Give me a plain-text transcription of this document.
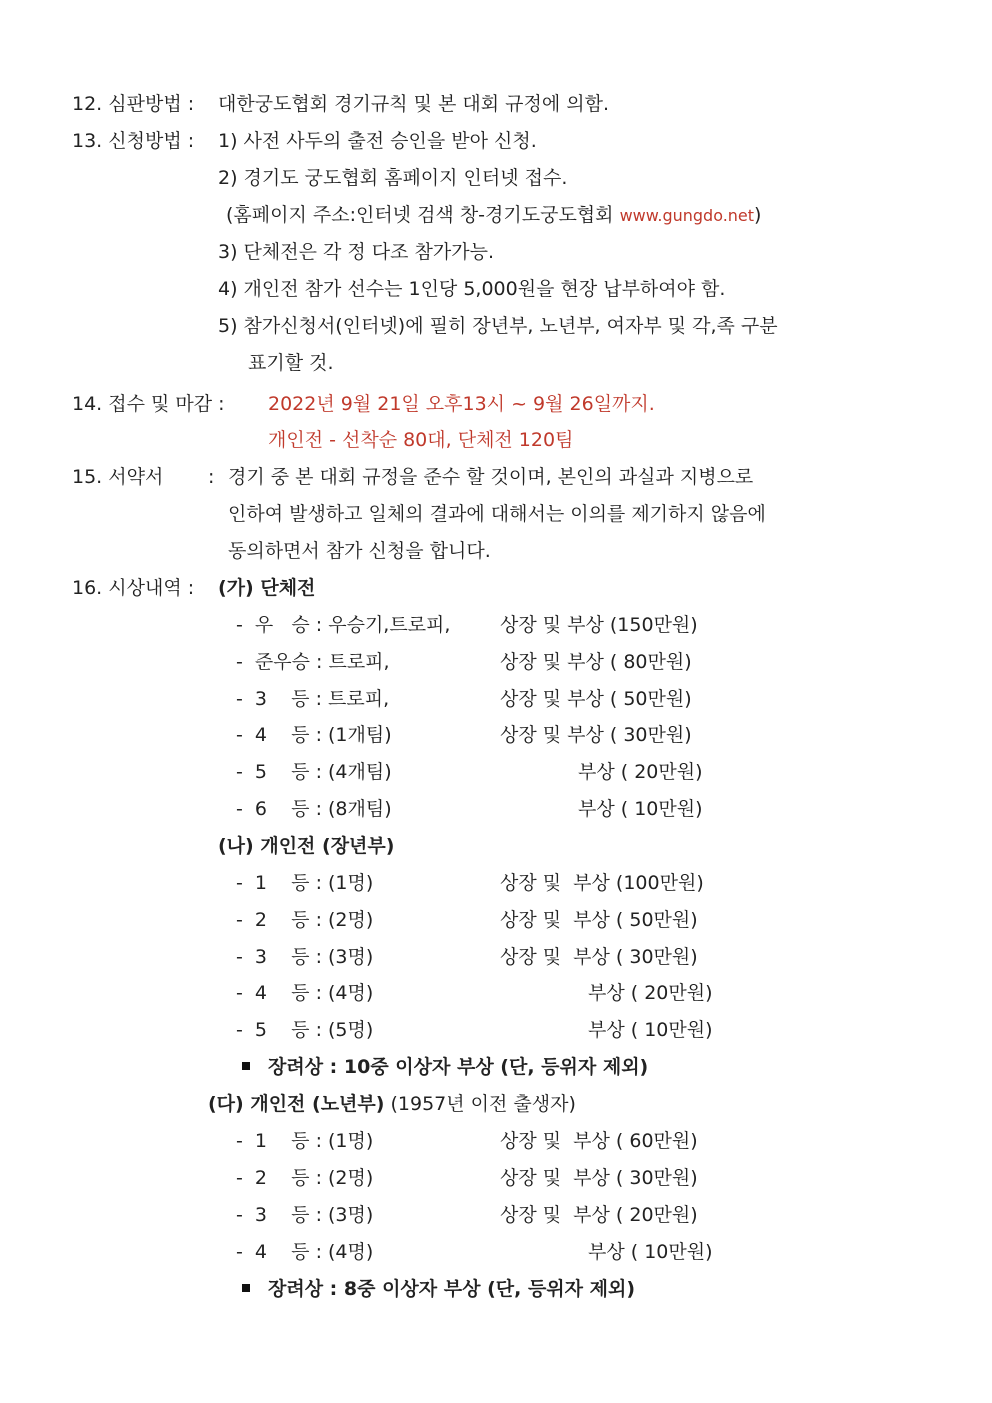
12. 심판방법 : 대한궁도협회 경기규칙 및 본 대회 규정에 의함.
13. 신청방법 : 1) 사전 사두의 출전 승인을 받아 신청.
2) 경기도 궁도협회 홈페이지 인터넷 접수.
(홈페이지 주소:인터넷 검색 창-경기도궁도협회 www.gungdo.net)
3) 단체전은 각 정 다조 참가가능.
4) 개인전 참가 선수는 1인당 5,000원을 현장 납부하여야 함.
5) 참가신청서(인터넷)에 필히 장년부, 노년부, 여자부 및 각,족 구분
표기할 것.
14. 접수 및 마감 : 2022년 9월 21일 오후13시 ~ 9월 26일까지.
개인전 - 선착순 80대, 단체전 120팀
15. 서약서 : 경기 중 본 대회 규정을 준수 할 것이며, 본인의 과실과 지병으로
인하여 발생하고 일체의 결과에 대해서는 이의를 제기하지 않음에
동의하면서 참가 신청을 합니다.
16. 시상내역 : (가) 단체전
-  우   승 : 우승기,트로피,	상장 및 부상 (150만원)
-  준우승 : 트로피,	상장 및 부상 ( 80만원)
-  3    등 : 트로피,	상장 및 부상 ( 50만원)
-  4    등 : (1개팀)	상장 및 부상 ( 30만원)
-  5    등 : (4개팀)	부상 ( 20만원)
-  6    등 : (8개팀)	부상 ( 10만원)
(나) 개인전 (장년부)
-  1    등 : (1명)	상장 및  부상 (100만원)
-  2    등 : (2명)	상장 및  부상 ( 50만원)
-  3    등 : (3명)	상장 및  부상 ( 30만원)
-  4    등 : (4명)	부상 ( 20만원)
-  5    등 : (5명)	부상 ( 10만원)
장려상 : 10중 이상자 부상 (단, 등위자 제외)
(다) 개인전 (노년부) (1957년 이전 출생자)
-  1    등 : (1명)	상장 및  부상 ( 60만원)
-  2    등 : (2명)	상장 및  부상 ( 30만원)
-  3    등 : (3명)	상장 및  부상 ( 20만원)
-  4    등 : (4명)	부상 ( 10만원)
장려상 : 8중 이상자 부상 (단, 등위자 제외)
